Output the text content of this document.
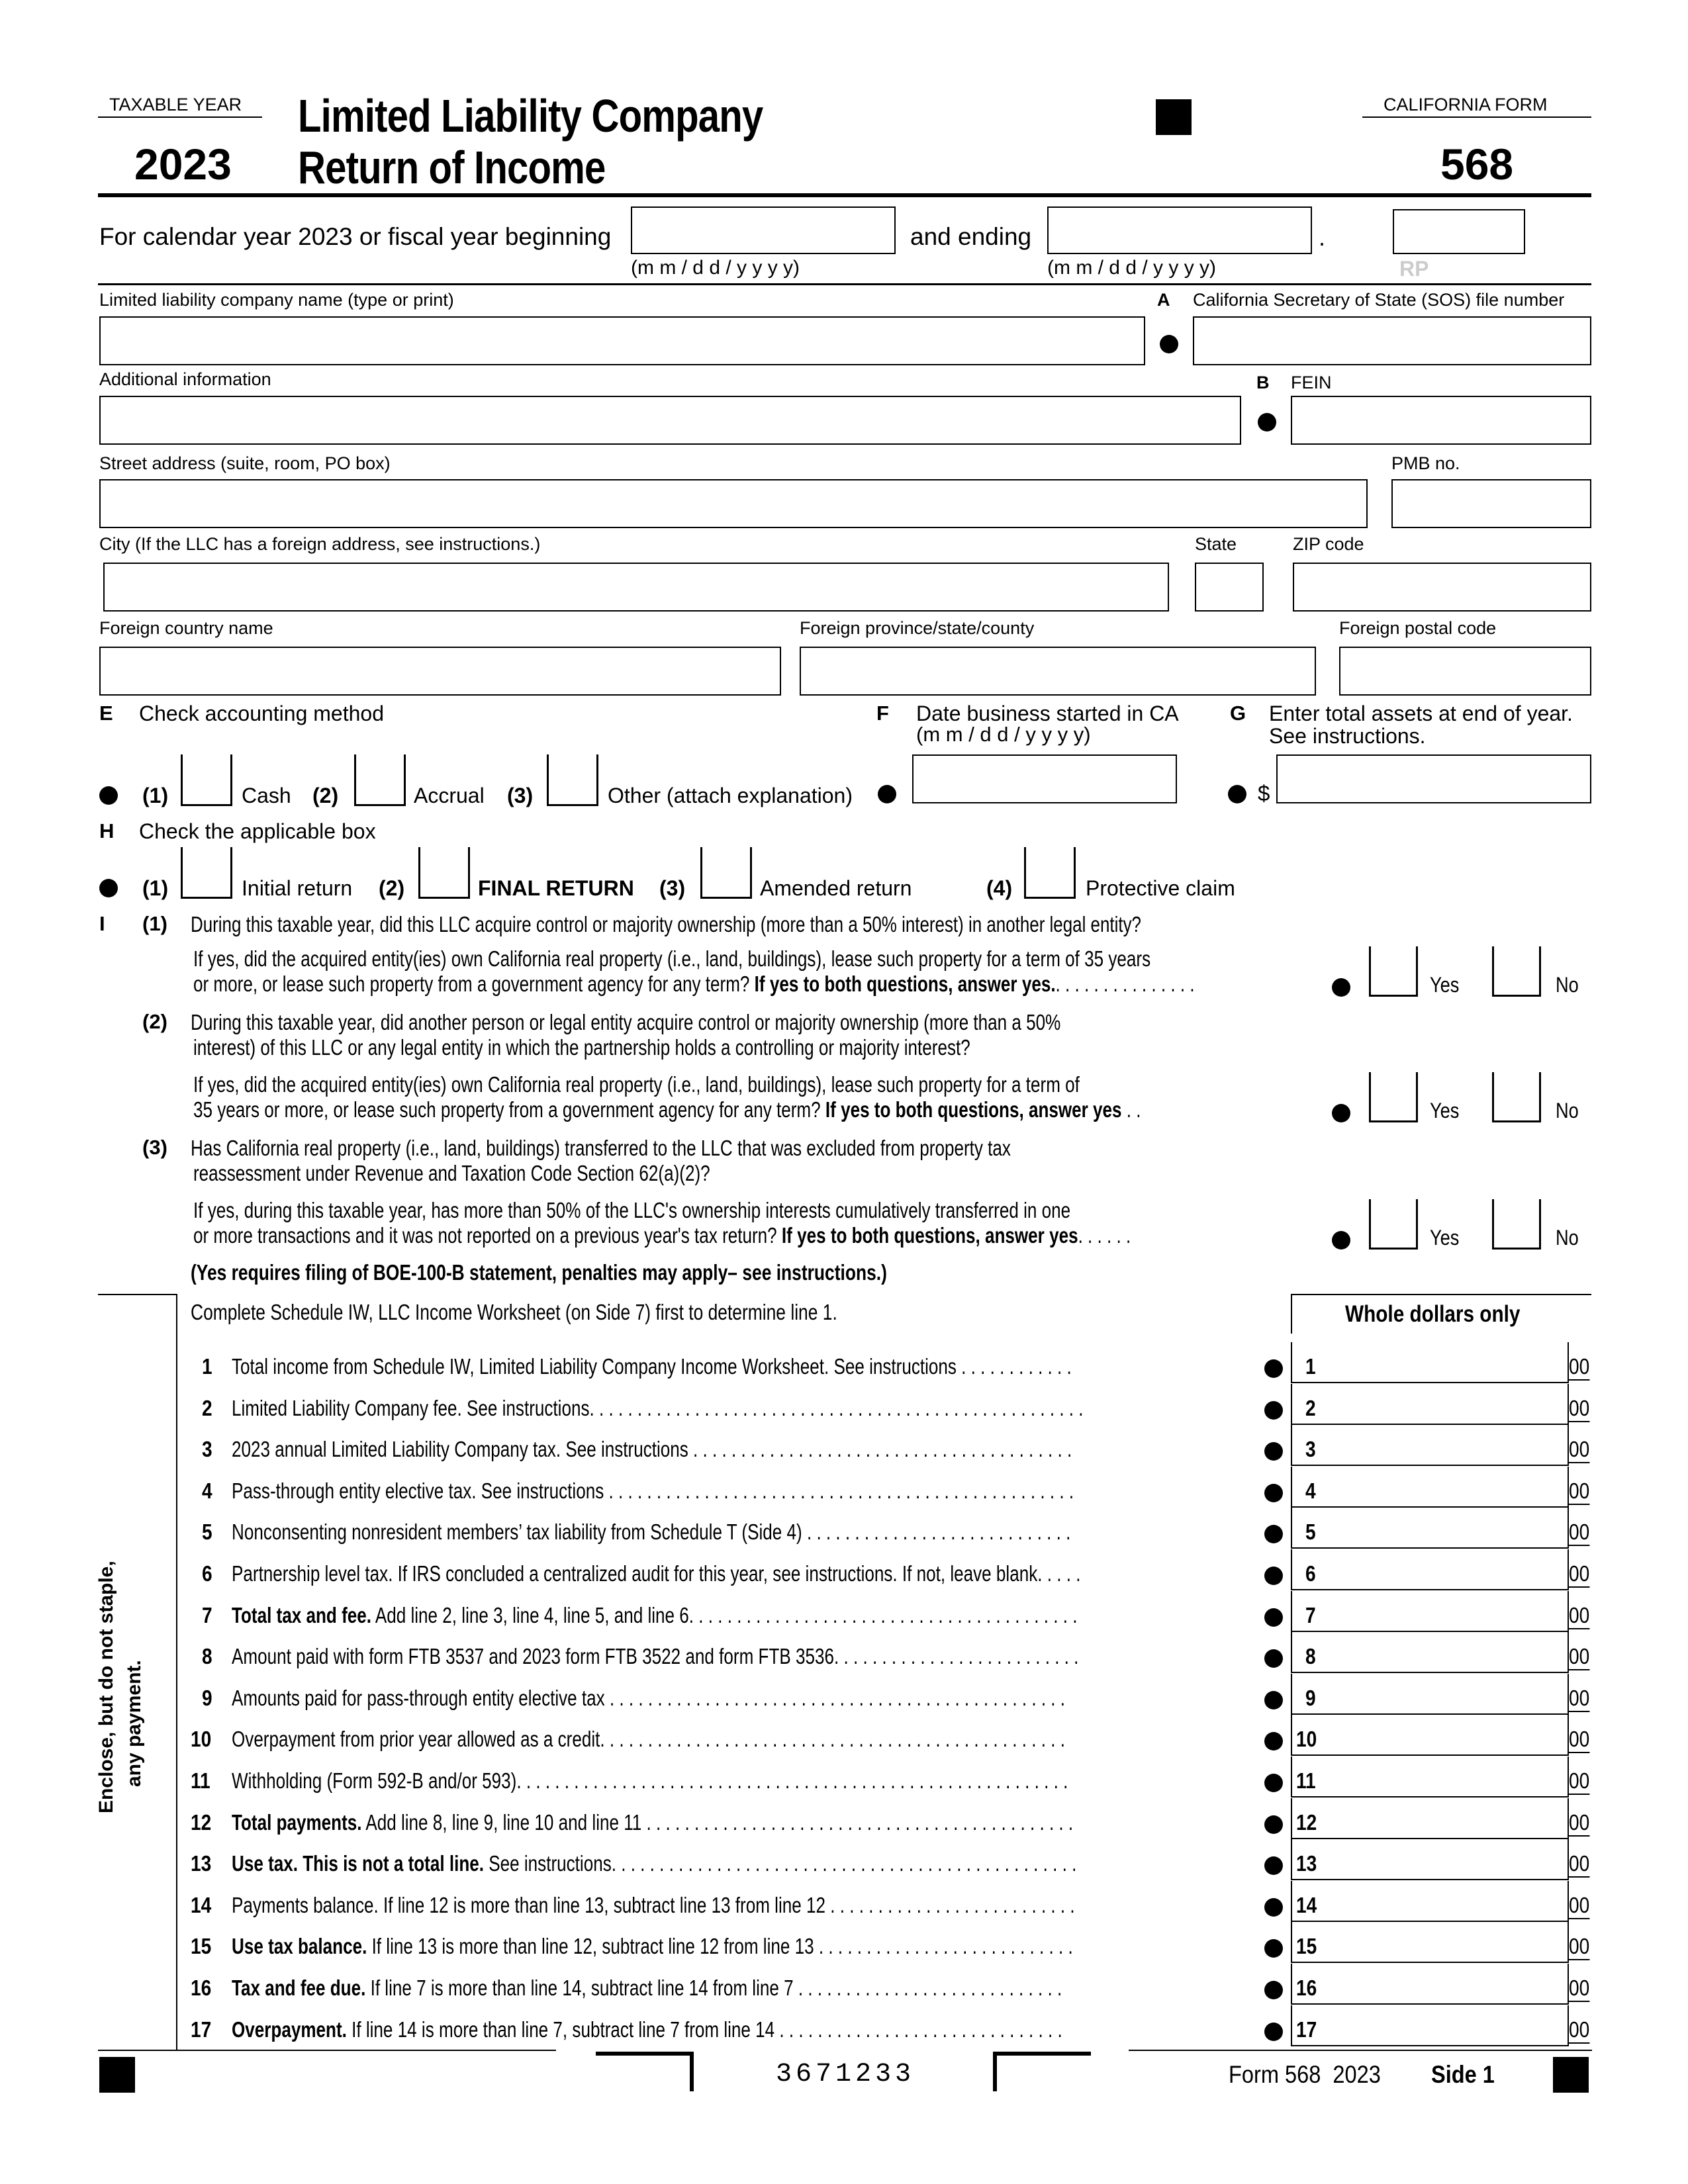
TAXABLE YEAR
2023
Limited Liability Company
Return of Income
CALIFORNIA FORM
568
For calendar year 2023 or fiscal year beginning
(m m / d d / y y y y)
and ending
(m m / d d / y y y y)
.
RP
Limited liability company name (type or print)	A California Secretary of State (SOS) file number
Additional information	B FEIN
Street address (suite, room, PO box)	PMB no.
City (If the LLC has a foreign address, see instructions.)	State	ZIP code
Foreign country name	Foreign province/state/county	Foreign postal code
E Check accounting method	F Date business started in CA
(m m / d d / y y y y)
G Enter total assets at end of year.
See instructions.
(1)	Cash (2)	Accrual (3)	Other (attach explanation)	$
H Check the applicable box
(1)	Initial return (2)	FINAL RETURN (3)	Amended return	(4)	Protective claim
I (1) During this taxable year, did this LLC acquire control or majority ownership (more than a 50% interest) in another legal entity?
If yes, did the acquired entity(ies) own California real property (i.e., land, buildings), lease such property for a term of 35 years
or more, or lease such property from a government agency for any term? If yes to both questions, answer yes.. . . . . . . . . . . . . . .	Yes	No
(2) During this taxable year, did another person or legal entity acquire control or majority ownership (more than a 50%
interest) of this LLC or any legal entity in which the partnership holds a controlling or majority interest?
If yes, did the acquired entity(ies) own California real property (i.e., land, buildings), lease such property for a term of
35 years or more, or lease such property from a government agency for any term? If yes to both questions, answer yes . .	Yes	No
(3) Has California real property (i.e., land, buildings) transferred to the LLC that was excluded from property tax
reassessment under Revenue and Taxation Code Section 62(a)(2)?
If yes, during this taxable year, has more than 50% of the LLC's ownership interests cumulatively transferred in one
or more transactions and it was not reported on a previous year's tax return? If yes to both questions, answer yes. . . . . .	Yes	No
(Yes requires filing of BOE-100-B statement, penalties may apply– see instructions.)
Complete Schedule IW, LLC Income Worksheet (on Side 7) first to determine line 1.	Whole dollars only
Enclose, but do not staple, any payment.
1 Total income from Schedule IW, Limited Liability Company Income Worksheet. See instructions . . . . . . . . . . . .	1	00
2 Limited Liability Company fee. See instructions. . . . . . . . . . . . . . . . . . . . . . . . . . . . . . . . . . . . . . . . . . . . . . . . . . . .	2	00
3 2023 annual Limited Liability Company tax. See instructions . . . . . . . . . . . . . . . . . . . . . . . . . . . . . . . . . . . . . . . .	3	00
4 Pass-through entity elective tax. See instructions . . . . . . . . . . . . . . . . . . . . . . . . . . . . . . . . . . . . . . . . . . . . . . . . .	4	00
5 Nonconsenting nonresident members’ tax liability from Schedule T (Side 4) . . . . . . . . . . . . . . . . . . . . . . . . . . . .	5	00
6 Partnership level tax. If IRS concluded a centralized audit for this year, see instructions. If not, leave blank. . . . .	6	00
7 Total tax and fee. Add line 2, line 3, line 4, line 5, and line 6. . . . . . . . . . . . . . . . . . . . . . . . . . . . . . . . . . . . . . . . .	7	00
8 Amount paid with form FTB 3537 and 2023 form FTB 3522 and form FTB 3536. . . . . . . . . . . . . . . . . . . . . . . . . .	8	00
9 Amounts paid for pass-through entity elective tax . . . . . . . . . . . . . . . . . . . . . . . . . . . . . . . . . . . . . . . . . . . . . . . .	9	00
10 Overpayment from prior year allowed as a credit. . . . . . . . . . . . . . . . . . . . . . . . . . . . . . . . . . . . . . . . . . . . . . . . .	10	00
11 Withholding (Form 592-B and/or 593). . . . . . . . . . . . . . . . . . . . . . . . . . . . . . . . . . . . . . . . . . . . . . . . . . . . . . . . . .	11	00
12 Total payments. Add line 8, line 9, line 10 and line 11 . . . . . . . . . . . . . . . . . . . . . . . . . . . . . . . . . . . . . . . . . . . . .	12	00
13 Use tax. This is not a total line. See instructions. . . . . . . . . . . . . . . . . . . . . . . . . . . . . . . . . . . . . . . . . . . . . . . . .	13	00
14 Payments balance. If line 12 is more than line 13, subtract line 13 from line 12 . . . . . . . . . . . . . . . . . . . . . . . . . .	14	00
15 Use tax balance. If line 13 is more than line 12, subtract line 12 from line 13 . . . . . . . . . . . . . . . . . . . . . . . . . . .	15	00
16 Tax and fee due. If line 7 is more than line 14, subtract line 14 from line 7 . . . . . . . . . . . . . . . . . . . . . . . . . . . .	16	00
17 Overpayment. If line 14 is more than line 7, subtract line 7 from line 14 . . . . . . . . . . . . . . . . . . . . . . . . . . . . . .	17	00
3671233	Form 568  2023 Side 1
